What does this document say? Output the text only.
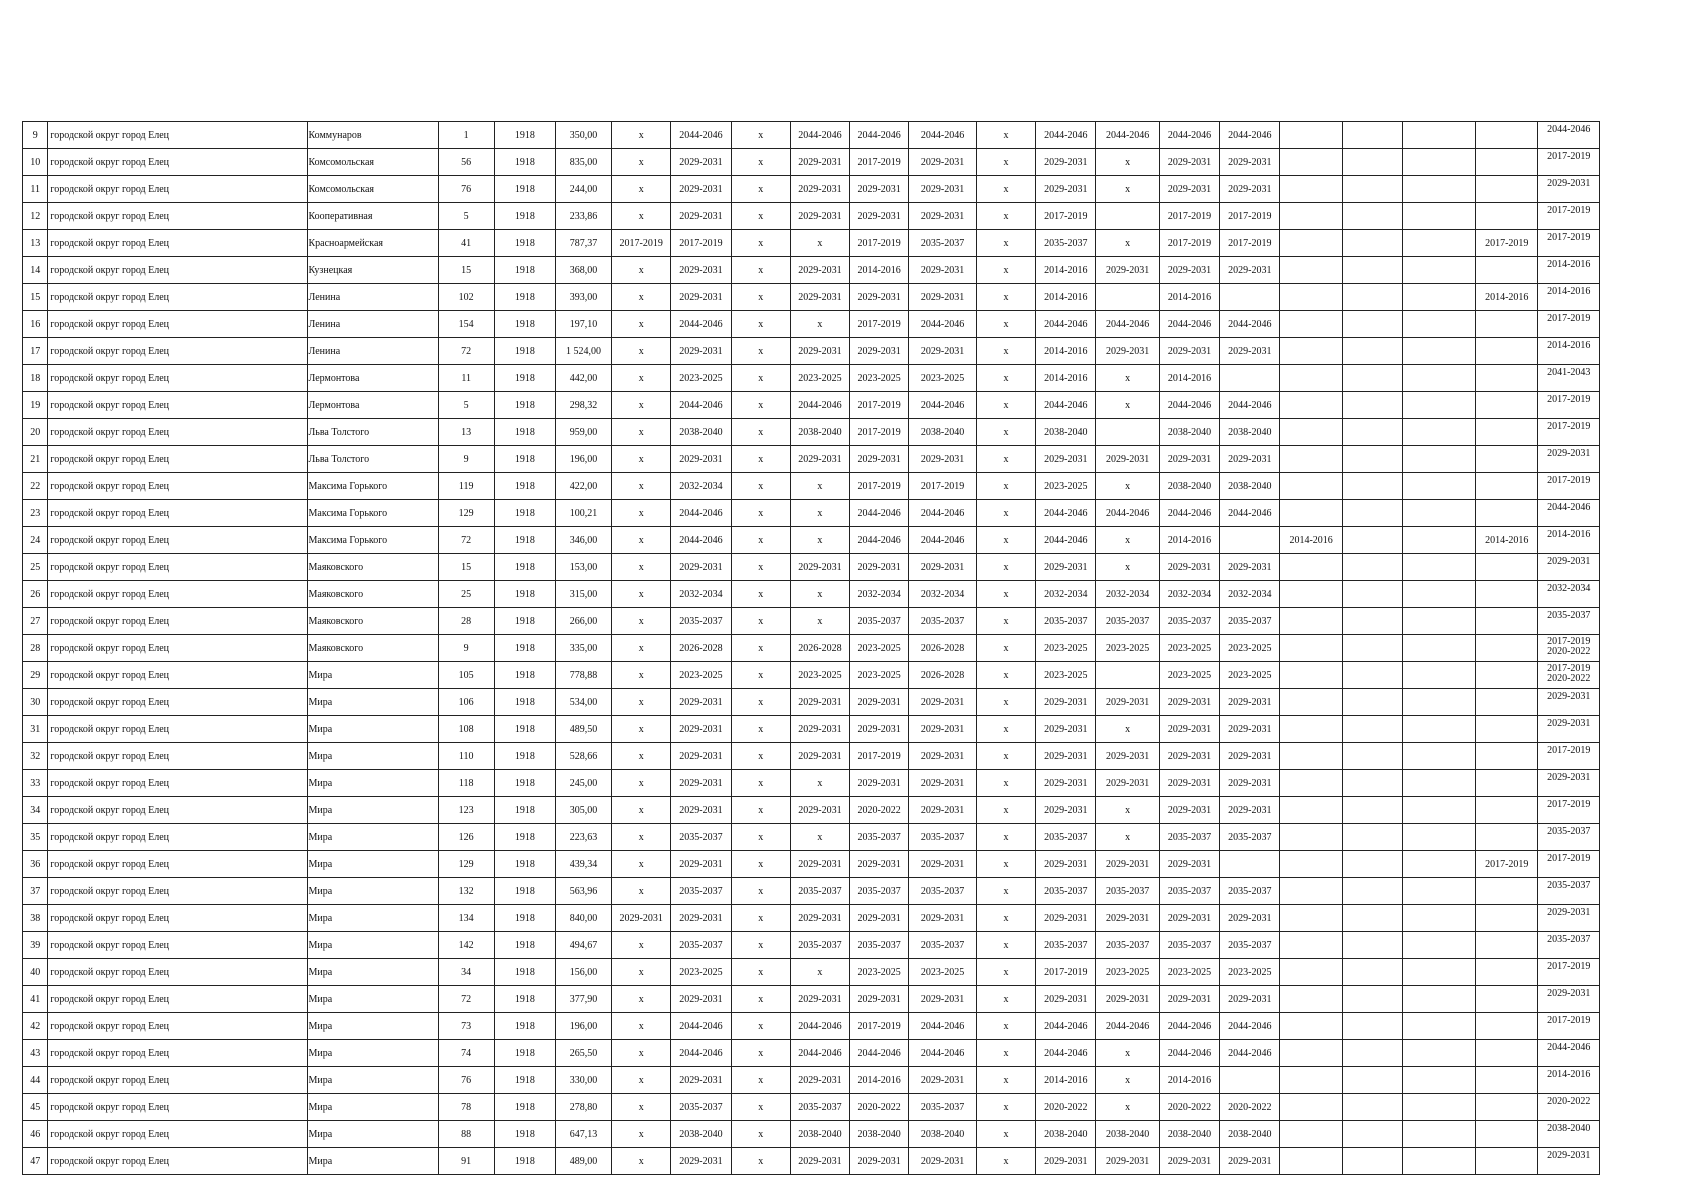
9	городской округ город Елец	Коммунаров	1	1918	350,00	x	2044-2046	x	2044-2046	2044-2046	2044-2046	x	2044-2046	2044-2046	2044-2046	2044-2046					2044-2046
10	городской округ город Елец	Комсомольская	56	1918	835,00	x	2029-2031	x	2029-2031	2017-2019	2029-2031	x	2029-2031	x	2029-2031	2029-2031					2017-2019
11	городской округ город Елец	Комсомольская	76	1918	244,00	x	2029-2031	x	2029-2031	2029-2031	2029-2031	x	2029-2031	x	2029-2031	2029-2031					2029-2031
12	городской округ город Елец	Кооперативная	5	1918	233,86	x	2029-2031	x	2029-2031	2029-2031	2029-2031	x	2017-2019		2017-2019	2017-2019					2017-2019
13	городской округ город Елец	Красноармейская	41	1918	787,37	2017-2019	2017-2019	x	x	2017-2019	2035-2037	x	2035-2037	x	2017-2019	2017-2019				2017-2019	2017-2019
14	городской округ город Елец	Кузнецкая	15	1918	368,00	x	2029-2031	x	2029-2031	2014-2016	2029-2031	x	2014-2016	2029-2031	2029-2031	2029-2031					2014-2016
15	городской округ город Елец	Ленина	102	1918	393,00	x	2029-2031	x	2029-2031	2029-2031	2029-2031	x	2014-2016		2014-2016					2014-2016	2014-2016
16	городской округ город Елец	Ленина	154	1918	197,10	x	2044-2046	x	x	2017-2019	2044-2046	x	2044-2046	2044-2046	2044-2046	2044-2046					2017-2019
17	городской округ город Елец	Ленина	72	1918	1 524,00	x	2029-2031	x	2029-2031	2029-2031	2029-2031	x	2014-2016	2029-2031	2029-2031	2029-2031					2014-2016
18	городской округ город Елец	Лермонтова	11	1918	442,00	x	2023-2025	x	2023-2025	2023-2025	2023-2025	x	2014-2016	x	2014-2016						2041-2043
19	городской округ город Елец	Лермонтова	5	1918	298,32	x	2044-2046	x	2044-2046	2017-2019	2044-2046	x	2044-2046	x	2044-2046	2044-2046					2017-2019
20	городской округ город Елец	Льва Толстого	13	1918	959,00	x	2038-2040	x	2038-2040	2017-2019	2038-2040	x	2038-2040		2038-2040	2038-2040					2017-2019
21	городской округ город Елец	Льва Толстого	9	1918	196,00	x	2029-2031	x	2029-2031	2029-2031	2029-2031	x	2029-2031	2029-2031	2029-2031	2029-2031					2029-2031
22	городской округ город Елец	Максима Горького	119	1918	422,00	x	2032-2034	x	x	2017-2019	2017-2019	x	2023-2025	x	2038-2040	2038-2040					2017-2019
23	городской округ город Елец	Максима Горького	129	1918	100,21	x	2044-2046	x	x	2044-2046	2044-2046	x	2044-2046	2044-2046	2044-2046	2044-2046					2044-2046
24	городской округ город Елец	Максима Горького	72	1918	346,00	x	2044-2046	x	x	2044-2046	2044-2046	x	2044-2046	x	2014-2016		2014-2016			2014-2016	2014-2016
25	городской округ город Елец	Маяковского	15	1918	153,00	x	2029-2031	x	2029-2031	2029-2031	2029-2031	x	2029-2031	x	2029-2031	2029-2031					2029-2031
26	городской округ город Елец	Маяковского	25	1918	315,00	x	2032-2034	x	x	2032-2034	2032-2034	x	2032-2034	2032-2034	2032-2034	2032-2034					2032-2034
27	городской округ город Елец	Маяковского	28	1918	266,00	x	2035-2037	x	x	2035-2037	2035-2037	x	2035-2037	2035-2037	2035-2037	2035-2037					2035-2037
28	городской округ город Елец	Маяковского	9	1918	335,00	x	2026-2028	x	2026-2028	2023-2025	2026-2028	x	2023-2025	2023-2025	2023-2025	2023-2025					2017-2019
2020-2022

29	городской округ город Елец	Мира	105	1918	778,88	x	2023-2025	x	2023-2025	2023-2025	2026-2028	x	2023-2025		2023-2025	2023-2025					2017-2019
2020-2022

30	городской округ город Елец	Мира	106	1918	534,00	x	2029-2031	x	2029-2031	2029-2031	2029-2031	x	2029-2031	2029-2031	2029-2031	2029-2031					2029-2031
31	городской округ город Елец	Мира	108	1918	489,50	x	2029-2031	x	2029-2031	2029-2031	2029-2031	x	2029-2031	x	2029-2031	2029-2031					2029-2031
32	городской округ город Елец	Мира	110	1918	528,66	x	2029-2031	x	2029-2031	2017-2019	2029-2031	x	2029-2031	2029-2031	2029-2031	2029-2031					2017-2019
33	городской округ город Елец	Мира	118	1918	245,00	x	2029-2031	x	x	2029-2031	2029-2031	x	2029-2031	2029-2031	2029-2031	2029-2031					2029-2031
34	городской округ город Елец	Мира	123	1918	305,00	x	2029-2031	x	2029-2031	2020-2022	2029-2031	x	2029-2031	x	2029-2031	2029-2031					2017-2019
35	городской округ город Елец	Мира	126	1918	223,63	x	2035-2037	x	x	2035-2037	2035-2037	x	2035-2037	x	2035-2037	2035-2037					2035-2037
36	городской округ город Елец	Мира	129	1918	439,34	x	2029-2031	x	2029-2031	2029-2031	2029-2031	x	2029-2031	2029-2031	2029-2031					2017-2019	2017-2019
37	городской округ город Елец	Мира	132	1918	563,96	x	2035-2037	x	2035-2037	2035-2037	2035-2037	x	2035-2037	2035-2037	2035-2037	2035-2037					2035-2037
38	городской округ город Елец	Мира	134	1918	840,00	2029-2031	2029-2031	x	2029-2031	2029-2031	2029-2031	x	2029-2031	2029-2031	2029-2031	2029-2031					2029-2031
39	городской округ город Елец	Мира	142	1918	494,67	x	2035-2037	x	2035-2037	2035-2037	2035-2037	x	2035-2037	2035-2037	2035-2037	2035-2037					2035-2037
40	городской округ город Елец	Мира	34	1918	156,00	x	2023-2025	x	x	2023-2025	2023-2025	x	2017-2019	2023-2025	2023-2025	2023-2025					2017-2019
41	городской округ город Елец	Мира	72	1918	377,90	x	2029-2031	x	2029-2031	2029-2031	2029-2031	x	2029-2031	2029-2031	2029-2031	2029-2031					2029-2031
42	городской округ город Елец	Мира	73	1918	196,00	x	2044-2046	x	2044-2046	2017-2019	2044-2046	x	2044-2046	2044-2046	2044-2046	2044-2046					2017-2019
43	городской округ город Елец	Мира	74	1918	265,50	x	2044-2046	x	2044-2046	2044-2046	2044-2046	x	2044-2046	x	2044-2046	2044-2046					2044-2046
44	городской округ город Елец	Мира	76	1918	330,00	x	2029-2031	x	2029-2031	2014-2016	2029-2031	x	2014-2016	x	2014-2016						2014-2016
45	городской округ город Елец	Мира	78	1918	278,80	x	2035-2037	x	2035-2037	2020-2022	2035-2037	x	2020-2022	x	2020-2022	2020-2022					2020-2022
46	городской округ город Елец	Мира	88	1918	647,13	x	2038-2040	x	2038-2040	2038-2040	2038-2040	x	2038-2040	2038-2040	2038-2040	2038-2040					2038-2040
47	городской округ город Елец	Мира	91	1918	489,00	x	2029-2031	x	2029-2031	2029-2031	2029-2031	x	2029-2031	2029-2031	2029-2031	2029-2031					2029-2031
